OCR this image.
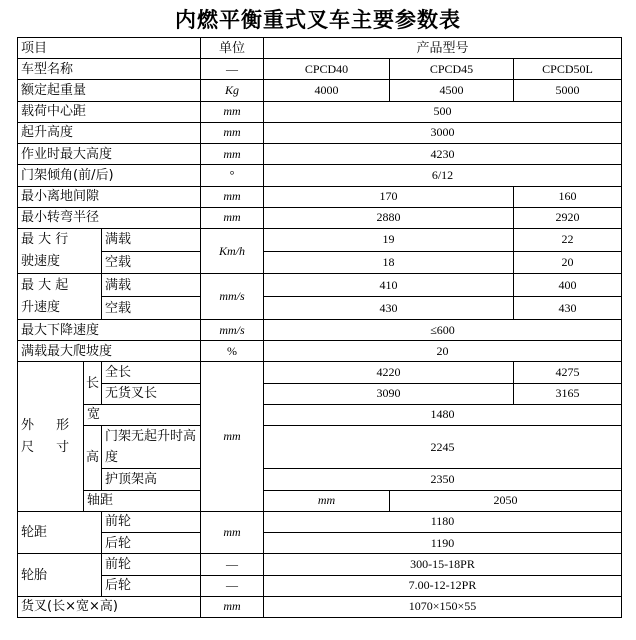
内燃平衡重式叉车主要参数表
项目			单位	产品型号		
车型名称			—	CPCD40	CPCD45	CPCD50L
额定起重量			Kg	4000	4500	5000
载荷中心距			mm	500		
起升高度			mm	3000		
作业时最大高度			mm	4230		
门架倾角(前/后)			°	6/12		
最小离地间隙			mm	170		160
最小转弯半径			mm	2880		2920
最 大 行
驶速度		满载	Km/h	19		22
		空载		18		20
最 大 起
升速度		满载	mm/s	410		400
		空载		430		430
最大下降速度			mm/s	≤600		
满载最大爬坡度			%	20		
外 形 尺 寸	长	全长	mm	4220		4275
		无货叉长		3090		3165
	宽			1480		
	高	门架无起升时高度		2245		
		护顶架高		2350		
	轴距			mm	2050	
轮距		前轮	mm	1180		
		后轮		1190		
轮胎		前轮	—	300-15-18PR		
		后轮	—	7.00-12-12PR		
货叉(长×宽×高)			mm	1070×150×55		
